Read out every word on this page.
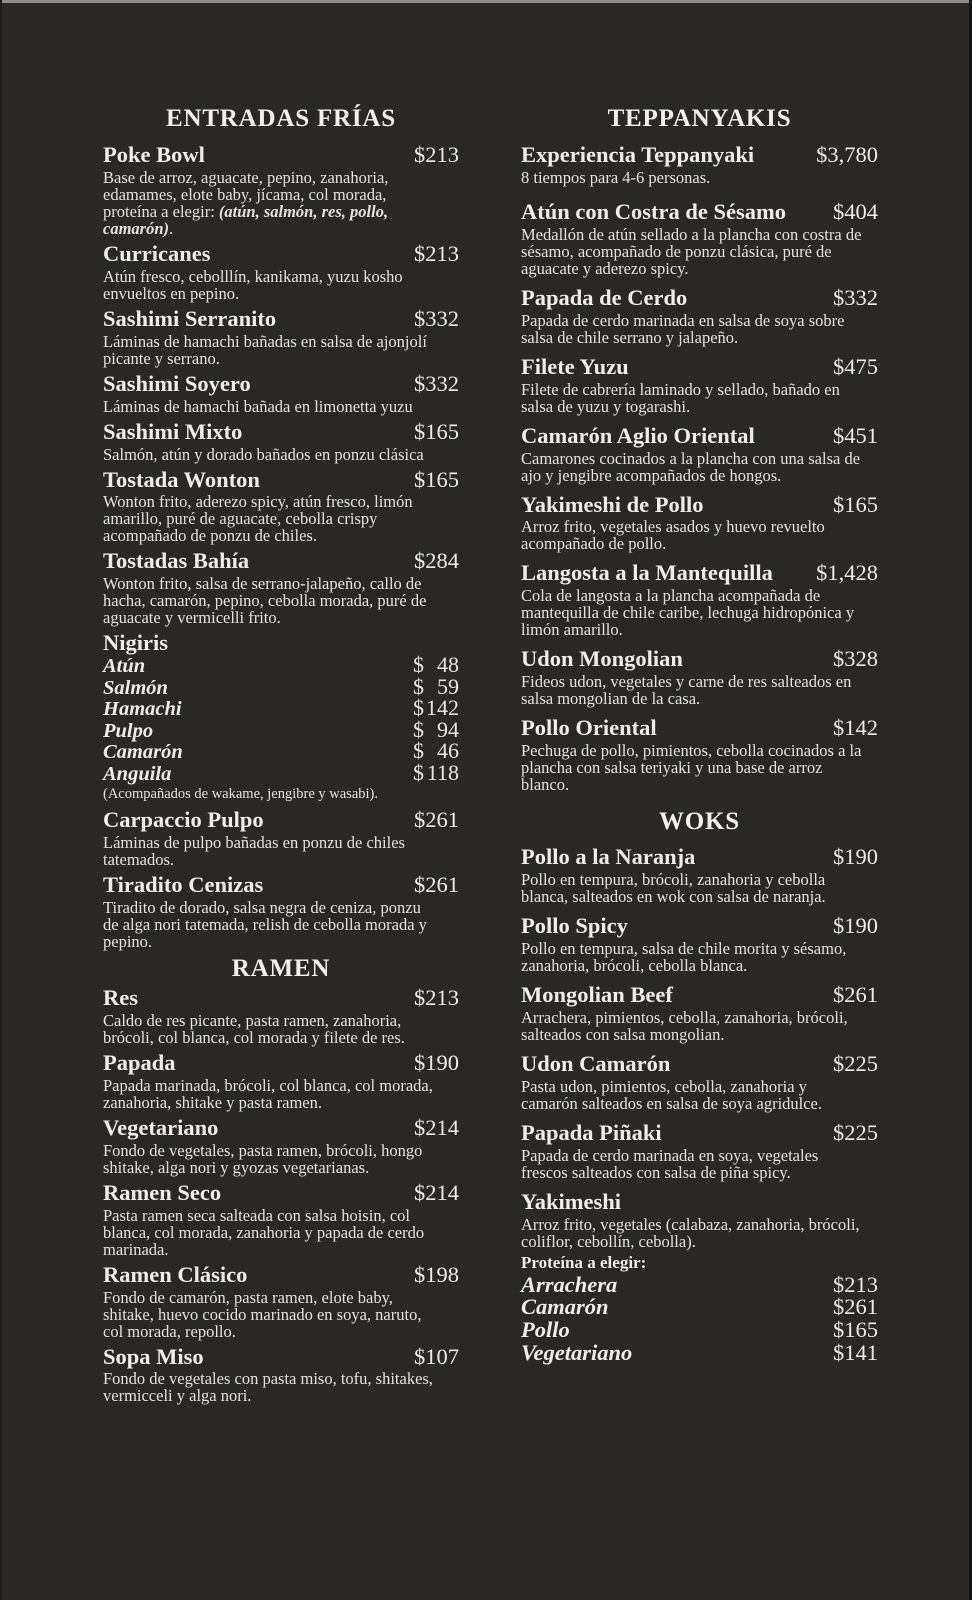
ENTRADAS FRÍAS
Poke Bowl	$213

Base de arroz, aguacate, pepino, zanahoria, edamames, elote baby, jícama, col morada, proteína a elegir: (atún, salmón, res, pollo, camarón).

Curricanes	$213

Atún fresco, cebolllín, kanikama, yuzu kosho envueltos en pepino.

Sashimi Serranito	$332

Láminas de hamachi bañadas en salsa de ajonjolí picante y serrano.

Sashimi Soyero	$332

Láminas de hamachi bañada en limonetta yuzu

Sashimi Mixto	$165

Salmón, atún y dorado bañados en ponzu clásica

Tostada Wonton	$165

Wonton frito, aderezo spicy, atún fresco, limón amarillo, puré de aguacate, cebolla crispy acompañado de ponzu de chiles.

Tostadas Bahía	$284

Wonton frito, salsa de serrano-jalapeño, callo de hacha, camarón, pepino, cebolla morada, puré de aguacate y vermicelli frito.

Nigiris
Atún	$ 48
Salmón	$ 59
Hamachi	$ 142
Pulpo	$ 94
Camarón	$ 46
Anguila	$ 118
(Acompañados de wakame, jengibre y wasabi).
Carpaccio Pulpo	$261

Láminas de pulpo bañadas en ponzu de chiles tatemados.

Tiradito Cenizas	$261

Tiradito de dorado, salsa negra de ceniza, ponzu de alga nori tatemada, relish de cebolla morada y pepino.

RAMEN
Res	$213

Caldo de res picante, pasta ramen, zanahoria, brócoli, col blanca, col morada y filete de res.

Papada	$190

Papada marinada, brócoli, col blanca, col morada, zanahoria, shitake y pasta ramen.

Vegetariano	$214

Fondo de vegetales, pasta ramen, brócoli, hongo shitake, alga nori y gyozas vegetarianas.

Ramen Seco	$214

Pasta ramen seca salteada con salsa hoisin, col blanca, col morada, zanahoria y papada de cerdo marinada.

Ramen Clásico	$198

Fondo de camarón, pasta ramen, elote baby, shitake, huevo cocido marinado en soya, naruto, col morada, repollo.

Sopa Miso	$107

Fondo de vegetales con pasta miso, tofu, shitakes, vermicceli y alga nori.

TEPPANYAKIS
Experiencia Teppanyaki	$3,780

8 tiempos para 4-6 personas.

Atún con Costra de Sésamo $404

Medallón de atún sellado a la plancha con costra de sésamo, acompañado de ponzu clásica, puré de aguacate y aderezo spicy.

Papada de Cerdo	$332

Papada de cerdo marinada en salsa de soya sobre salsa de chile serrano y jalapeño.

Filete Yuzu	$475

Filete de cabrería laminado y sellado, bañado en salsa de yuzu y togarashi.

Camarón Aglio Oriental	$451

Camarones cocinados a la plancha con una salsa de ajo y jengibre acompañados de hongos.

Yakimeshi de Pollo	$165

Arroz frito, vegetales asados y huevo revuelto acompañado de pollo.

Langosta a la Mantequilla $1,428

Cola de langosta a la plancha acompañada de mantequilla de chile caribe, lechuga hidropónica y limón amarillo.

Udon Mongolian	$328

Fideos udon, vegetales y carne de res salteados en salsa mongolian de la casa.

Pollo Oriental	$142

Pechuga de pollo, pimientos, cebolla cocinados a la plancha con salsa teriyaki y una base de arroz blanco.

WOKS
Pollo a la Naranja	$190

Pollo en tempura, brócoli, zanahoria y cebolla blanca, salteados en wok con salsa de naranja.

Pollo Spicy	$190

Pollo en tempura, salsa de chile morita y sésamo, zanahoria, brócoli, cebolla blanca.

Mongolian Beef	$261

Arrachera, pimientos, cebolla, zanahoria, brócoli, salteados con salsa mongolian.

Udon Camarón	$225

Pasta udon, pimientos, cebolla, zanahoria y camarón salteados en salsa de soya agridulce.

Papada Piñaki	$225

Papada de cerdo marinada en soya, vegetales frescos salteados con salsa de piña spicy.

Yakimeshi

Arroz frito, vegetales (calabaza, zanahoria, brócoli, coliflor, cebollín, cebolla).

Proteína a elegir:
Arrachera	$213
Camarón	$261
Pollo	$165
Vegetariano	$141
